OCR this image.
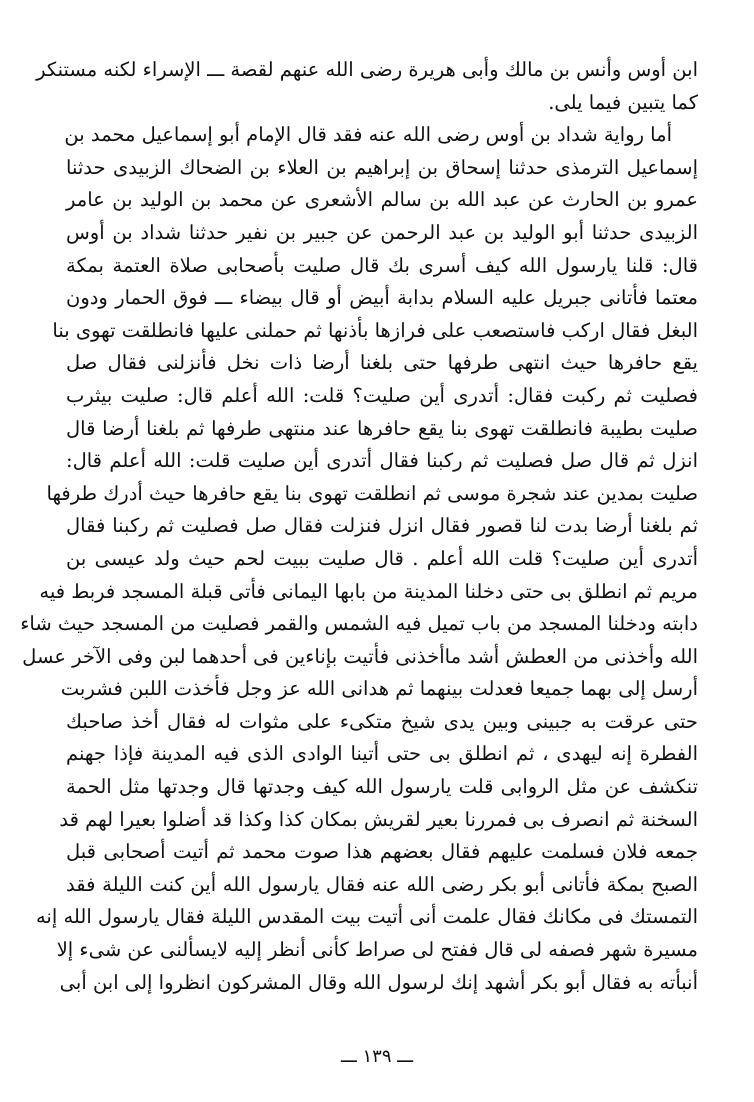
ابن أوس وأنس بن مالك وأبى هريرة رضى الله عنهم لقصة ـــ الإسراء لكنه مستنكر
كما يتبين فيما يلى.
أما رواية شداد بن أوس رضى الله عنه فقد قال الإمام أبو إسماعيل محمد بن
إسماعيل الترمذى حدثنا إسحاق بن إبراهيم بن العلاء بن الضحاك الزبيدى حدثنا
عمرو بن الحارث عن عبد الله بن سالم الأشعرى عن محمد بن الوليد بن عامر
الزبيدى حدثنا أبو الوليد بن عبد الرحمن عن جبير بن نفير حدثنا شداد بن أوس
قال: قلنا يارسول الله كيف أسرى بك قال صليت بأصحابى صلاة العتمة بمكة
معتما فأتانى جبريل عليه السلام بدابة أبيض أو قال بيضاء ـــ فوق الحمار ودون
البغل فقال اركب فاستصعب على فرازها بأذنها ثم حملنى عليها فانطلقت تهوى بنا
يقع حافرها حيث انتهى طرفها حتى بلغنا أرضا ذات نخل فأنزلنى فقال صل
فصليت ثم ركبت فقال: أتدرى أين صليت؟ قلت: الله أعلم قال: صليت بيثرب
صليت بطيبة فانطلقت تهوى بنا يقع حافرها عند منتهى طرفها ثم بلغنا أرضا قال
انزل ثم قال صل فصليت ثم ركبنا فقال أتدرى أين صليت قلت: الله أعلم قال:
صليت بمدين عند شجرة موسى ثم انطلقت تهوى بنا يقع حافرها حيث أدرك طرفها
ثم بلغنا أرضا بدت لنا قصور فقال انزل فنزلت فقال صل فصليت ثم ركبنا فقال
أتدرى أين صليت؟ قلت الله أعلم . قال صليت ببيت لحم حيث ولد عيسى بن
مريم ثم انطلق بى حتى دخلنا المدينة من بابها اليمانى فأتى قبلة المسجد فربط فيه
دابته ودخلنا المسجد من باب تميل فيه الشمس والقمر فصليت من المسجد حيث شاء
الله وأخذنى من العطش أشد ماأخذنى فأتيت بإناءين فى أحدهما لبن وفى الآخر عسل
أرسل إلى بهما جميعا فعدلت بينهما ثم هدانى الله عز وجل فأخذت اللبن فشربت
حتى عرقت به جبينى وبين يدى شيخ متكىء على مثوات له فقال أخذ صاحبك
الفطرة إنه ليهدى ، ثم انطلق بى حتى أتينا الوادى الذى فيه المدينة فإذا جهنم
تنكشف عن مثل الروابى قلت يارسول الله كيف وجدتها قال وجدتها مثل الحمة
السخنة ثم انصرف بى فمررنا بعير لقريش بمكان كذا وكذا قد أضلوا بعيرا لهم قد
جمعه فلان فسلمت عليهم فقال بعضهم هذا صوت محمد ثم أتيت أصحابى قبل
الصبح بمكة فأتانى أبو بكر رضى الله عنه فقال يارسول الله أين كنت الليلة فقد
التمستك فى مكانك فقال علمت أنى أتيت بيت المقدس الليلة فقال يارسول الله إنه
مسيرة شهر فصفه لى قال ففتح لى صراط كأنى أنظر إليه لايسألنى عن شىء إلا
أنبأته به فقال أبو بكر أشهد إنك لرسول الله وقال المشركون انظروا إلى ابن أبى
ـــ ١٣٩ ـــ
